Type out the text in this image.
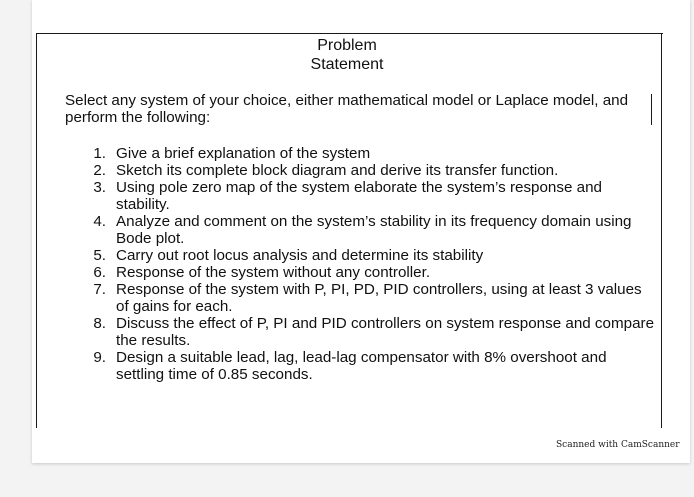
Problem
Statement

Select any system of your choice, either mathematical model or Laplace model, and perform the following:

1. Give a brief explanation of the system
2. Sketch its complete block diagram and derive its transfer function.
3. Using pole zero map of the system elaborate the system’s response and stability.
4. Analyze and comment on the system’s stability in its frequency domain using Bode plot.
5. Carry out root locus analysis and determine its stability
6. Response of the system without any controller.
7. Response of the system with P, PI, PD, PID controllers, using at least 3 values of gains for each.
8. Discuss the effect of P, PI and PID controllers on system response and compare the results.
9. Design a suitable lead, lag, lead-lag compensator with 8% overshoot and settling time of 0.85 seconds.
Scanned with CamScanner
